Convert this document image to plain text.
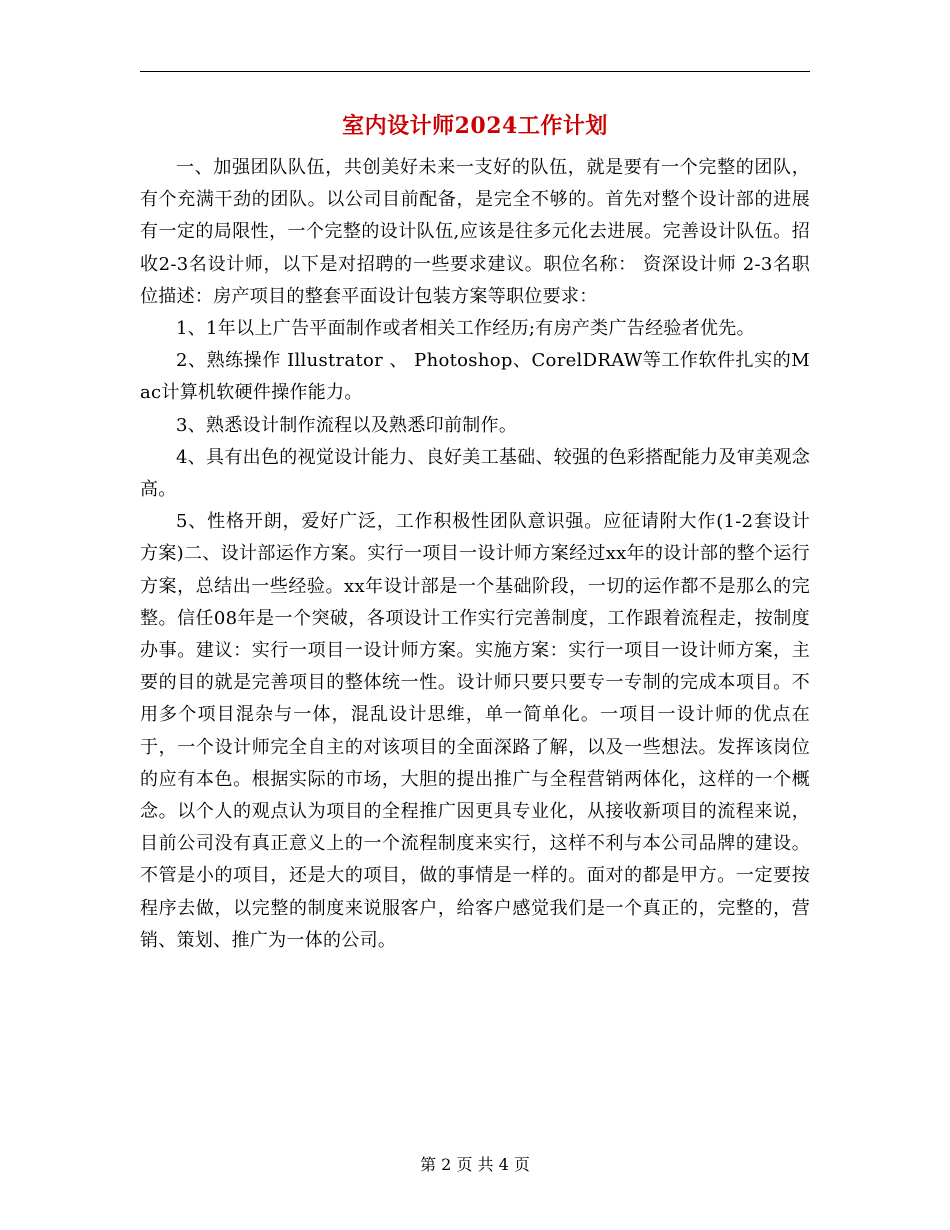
室内设计师2024工作计划

一、加强团队队伍，共创美好未来一支好的队伍，就是要有一个完整的团队，有个充满干劲的团队。以公司目前配备，是完全不够的。首先对整个设计部的进展有一定的局限性，一个完整的设计队伍,应该是往多元化去进展。完善设计队伍。招收2-3名设计师，以下是对招聘的一些要求建议。职位名称： 资深设计师 2-3名职位描述：房产项目的整套平面设计包装方案等职位要求：

1、1年以上广告平面制作或者相关工作经历;有房产类广告经验者优先。

2、熟练操作 Illustrator 、 Photoshop、CorelDRAW等工作软件扎实的Mac计算机软硬件操作能力。

3、熟悉设计制作流程以及熟悉印前制作。

4、具有出色的视觉设计能力、良好美工基础、较强的色彩搭配能力及审美观念高。

5、性格开朗，爱好广泛，工作积极性团队意识强。应征请附大作(1-2套设计方案)二、设计部运作方案。实行一项目一设计师方案经过xx年的设计部的整个运行方案，总结出一些经验。xx年设计部是一个基础阶段，一切的运作都不是那么的完整。信任08年是一个突破，各项设计工作实行完善制度，工作跟着流程走，按制度办事。建议：实行一项目一设计师方案。实施方案：实行一项目一设计师方案，主要的目的就是完善项目的整体统一性。设计师只要只要专一专制的完成本项目。不用多个项目混杂与一体，混乱设计思维，单一简单化。一项目一设计师的优点在于，一个设计师完全自主的对该项目的全面深路了解，以及一些想法。发挥该岗位的应有本色。根据实际的市场，大胆的提出推广与全程营销两体化，这样的一个概念。以个人的观点认为项目的全程推广因更具专业化，从接收新项目的流程来说，目前公司没有真正意义上的一个流程制度来实行，这样不利与本公司品牌的建设。不管是小的项目，还是大的项目，做的事情是一样的。面对的都是甲方。一定要按程序去做，以完整的制度来说服客户，给客户感觉我们是一个真正的，完整的，营销、策划、推广为一体的公司。

第 2 页 共 4 页
